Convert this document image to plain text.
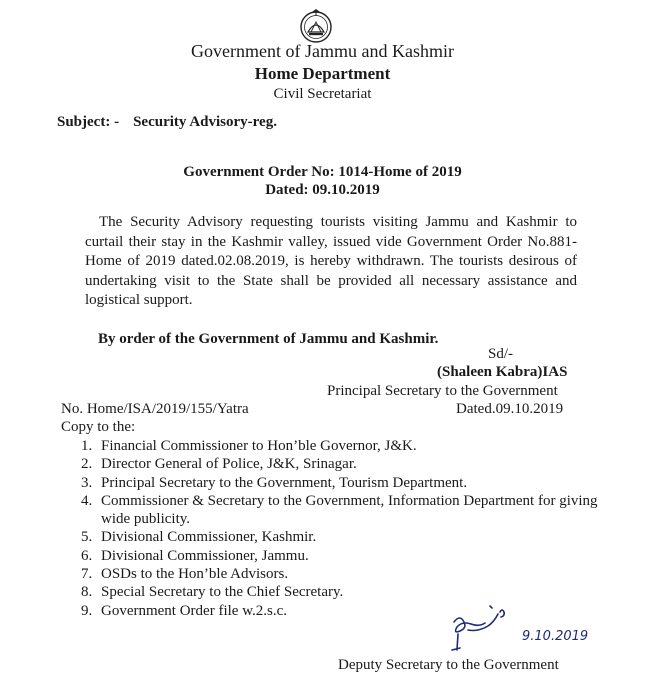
Government of Jammu and Kashmir
Home Department
Civil Secretariat
Subject: - Security Advisory-reg.
Government Order No: 1014-Home of 2019
Dated: 09.10.2019
The Security Advisory requesting tourists visiting Jammu and Kashmir to curtail their stay in the Kashmir valley, issued vide Government Order No.881-Home of 2019 dated.02.08.2019, is hereby withdrawn. The tourists desirous of undertaking visit to the State shall be provided all necessary assistance and logistical support.
By order of the Government of Jammu and Kashmir.
Sd/-
(Shaleen Kabra)IAS
Principal Secretary to the Government
No. Home/ISA/2019/155/Yatra	Dated.09.10.2019
Copy to the:
1. Financial Commissioner to Hon’ble Governor, J&K.
2. Director General of Police, J&K, Srinagar.
3. Principal Secretary to the Government, Tourism Department.
4. Commissioner & Secretary to the Government, Information Department for giving wide publicity.
5. Divisional Commissioner, Kashmir.
6. Divisional Commissioner, Jammu.
7. OSDs to the Hon’ble Advisors.
8. Special Secretary to the Chief Secretary.
9. Government Order file w.2.s.c.
9.10.2019
Deputy Secretary to the Government
